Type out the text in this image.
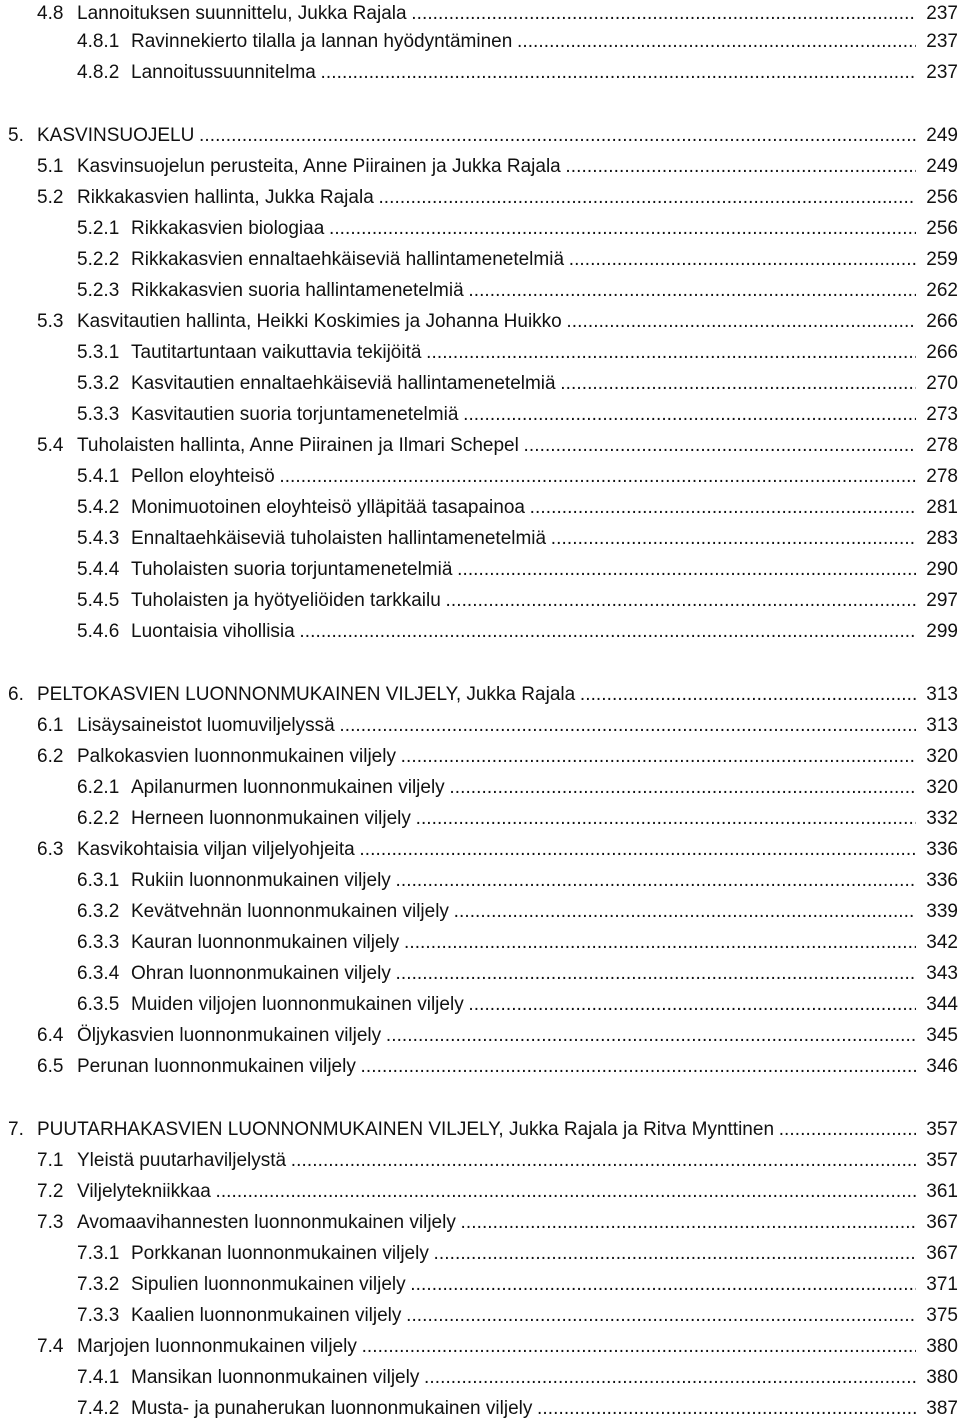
4.8 Lannoituksen suunnittelu, Jukka Rajala . . .	237
4.8.1 Ravinnekierto tilalla ja lannan hyödyntäminen . . .	237
4.8.2 Lannoitussuunnitelma . . .	237
5. KASVINSUOJELU . . .	249
5.1 Kasvinsuojelun perusteita, Anne Piirainen ja Jukka Rajala . . .	249
5.2 Rikkakasvien hallinta, Jukka Rajala . . .	256
5.2.1 Rikkakasvien biologiaa . . .	256
5.2.2 Rikkakasvien ennaltaehkäiseviä hallintamenetelmiä . . .	259
5.2.3 Rikkakasvien suoria hallintamenetelmiä . . .	262
5.3 Kasvitautien hallinta, Heikki Koskimies ja Johanna Huikko . . .	266
5.3.1 Tautitartuntaan vaikuttavia tekijöitä . . .	266
5.3.2 Kasvitautien ennaltaehkäiseviä hallintamenetelmiä . . .	270
5.3.3 Kasvitautien suoria torjuntamenetelmiä . . .	273
5.4 Tuholaisten hallinta, Anne Piirainen ja Ilmari Schepel . . .	278
5.4.1 Pellon eloyhteisö . . .	278
5.4.2 Monimuotoinen eloyhteisö ylläpitää tasapainoa . . .	281
5.4.3 Ennaltaehkäiseviä tuholaisten hallintamenetelmiä . . .	283
5.4.4 Tuholaisten suoria torjuntamenetelmiä . . .	290
5.4.5 Tuholaisten ja hyötyeliöiden tarkkailu . . .	297
5.4.6 Luontaisia vihollisia . . .	299
6. PELTOKASVIEN LUONNONMUKAINEN VILJELY, Jukka Rajala . . .	313
6.1 Lisäysaineistot luomuviljelyssä . . .	313
6.2 Palkokasvien luonnonmukainen viljely . . .	320
6.2.1 Apilanurmen luonnonmukainen viljely . . .	320
6.2.2 Herneen luonnonmukainen viljely . . .	332
6.3 Kasvikohtaisia viljan viljelyohjeita . . .	336
6.3.1 Rukiin luonnonmukainen viljely . . .	336
6.3.2 Kevätvehnän luonnonmukainen viljely . . .	339
6.3.3 Kauran luonnonmukainen viljely . . .	342
6.3.4 Ohran luonnonmukainen viljely . . .	343
6.3.5 Muiden viljojen luonnonmukainen viljely . . .	344
6.4 Öljykasvien luonnonmukainen viljely . . .	345
6.5 Perunan luonnonmukainen viljely . . .	346
7. PUUTARHAKASVIEN LUONNONMUKAINEN VILJELY, Jukka Rajala ja Ritva Mynttinen . . .	357
7.1 Yleistä puutarhaviljelystä . . .	357
7.2 Viljelytekniikkaa . . .	361
7.3 Avomaavihannesten luonnonmukainen viljely . . .	367
7.3.1 Porkkanan luonnonmukainen viljely . . .	367
7.3.2 Sipulien luonnonmukainen viljely . . .	371
7.3.3 Kaalien luonnonmukainen viljely . . .	375
7.4 Marjojen luonnonmukainen viljely . . .	380
7.4.1 Mansikan luonnonmukainen viljely . . .	380
7.4.2 Musta- ja punaherukan luonnonmukainen viljely . . .	387
